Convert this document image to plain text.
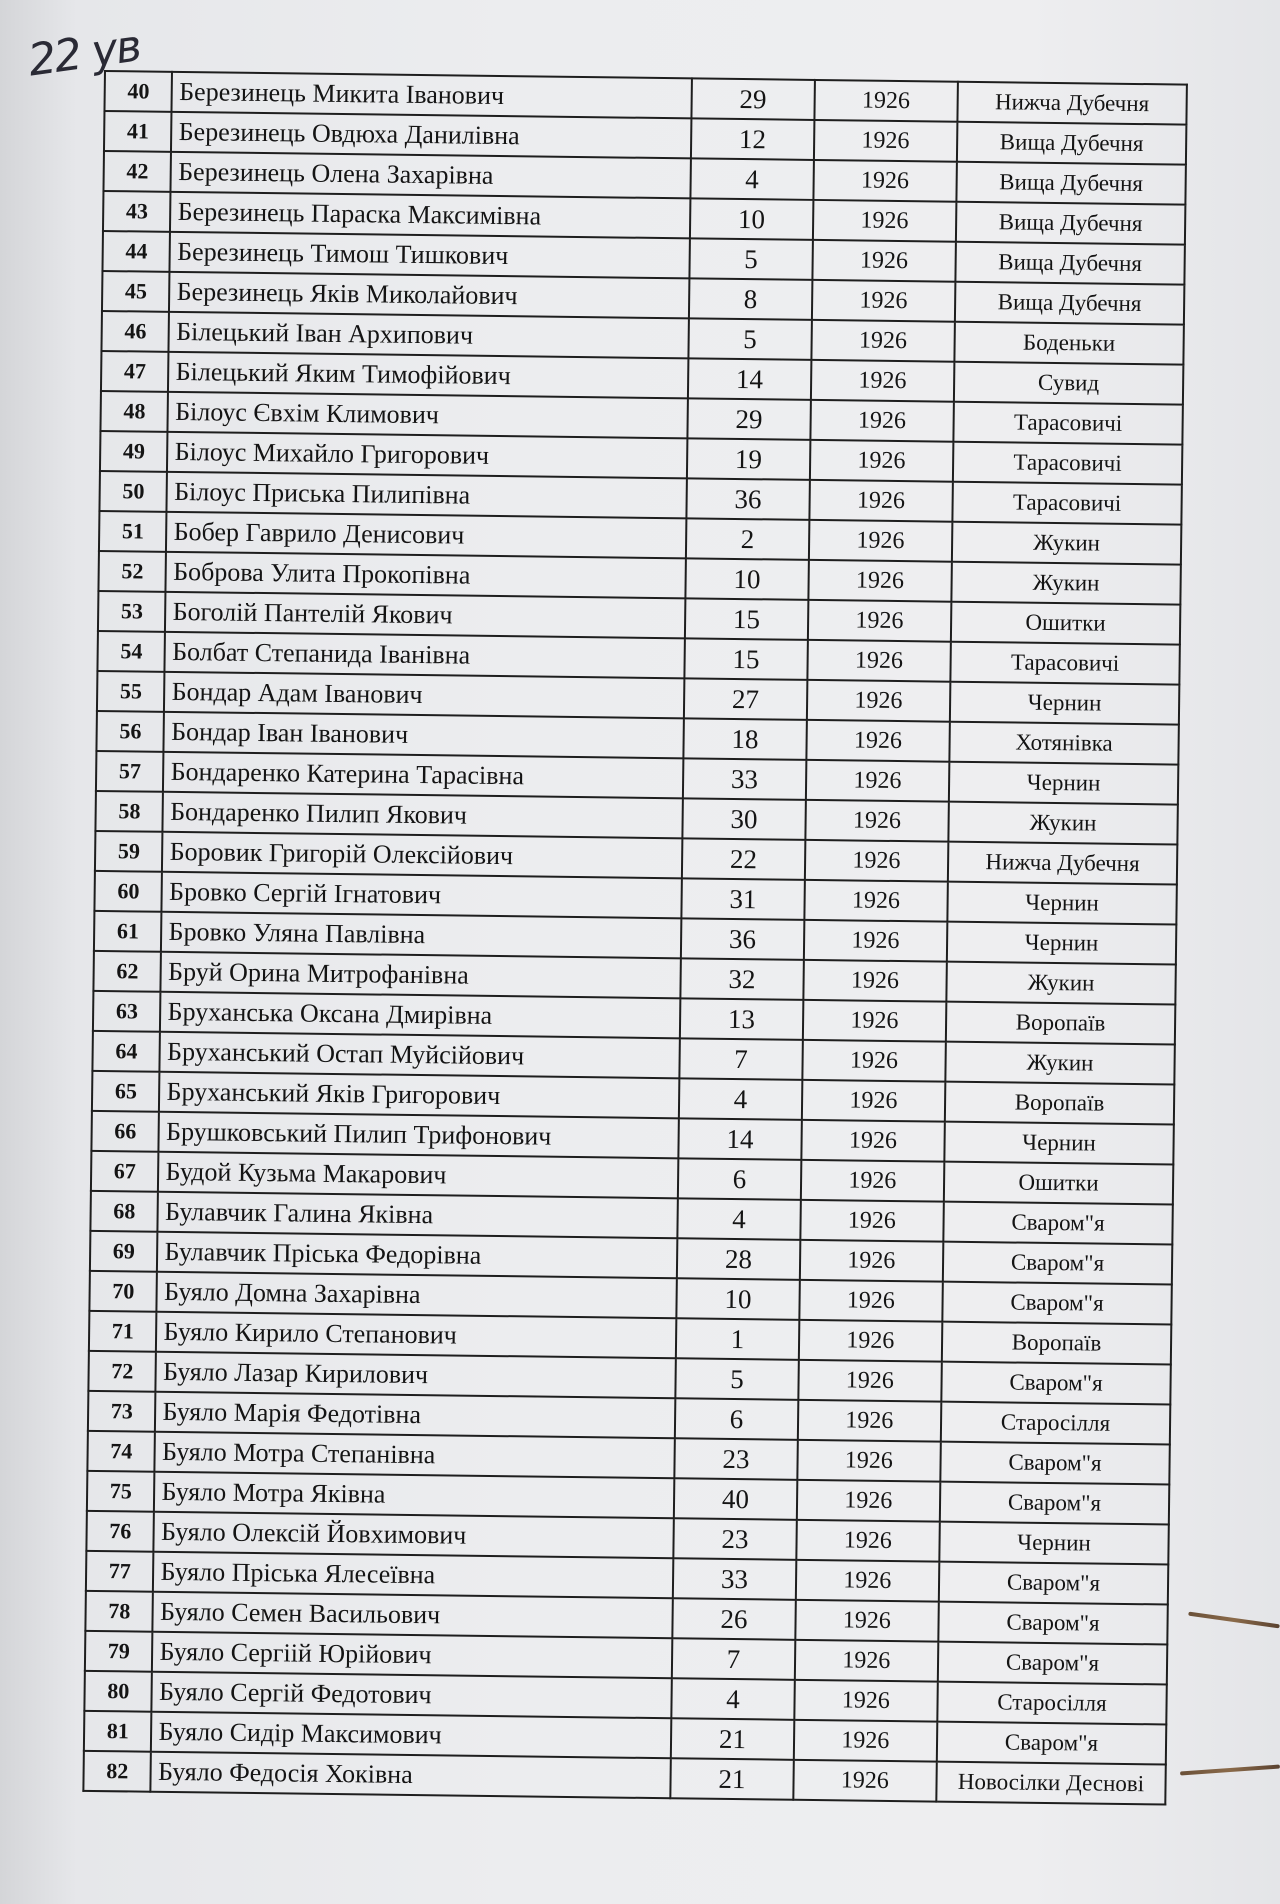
22 ув
40	Березинець Микита Іванович	29	1926	Нижча Дубечня
41	Березинець Овдюха Данилівна	12	1926	Вища Дубечня
42	Березинець Олена Захарівна	4	1926	Вища Дубечня
43	Березинець Параска Максимівна	10	1926	Вища Дубечня
44	Березинець Тимош Тишкович	5	1926	Вища Дубечня
45	Березинець Яків Миколайович	8	1926	Вища Дубечня
46	Білецький Іван Архипович	5	1926	Боденьки
47	Білецький Яким Тимофійович	14	1926	Сувид
48	Білоус Євхім Климович	29	1926	Тарасовичі
49	Білоус Михайло Григорович	19	1926	Тарасовичі
50	Білоус Приська Пилипівна	36	1926	Тарасовичі
51	Бобер Гаврило Денисович	2	1926	Жукин
52	Боброва Улита Прокопівна	10	1926	Жукин
53	Боголій Пантелій Якович	15	1926	Ошитки
54	Болбат Степанида Іванівна	15	1926	Тарасовичі
55	Бондар Адам Іванович	27	1926	Чернин
56	Бондар Іван Іванович	18	1926	Хотянівка
57	Бондаренко Катерина Тарасівна	33	1926	Чернин
58	Бондаренко Пилип Якович	30	1926	Жукин
59	Боровик Григорій Олексійович	22	1926	Нижча Дубечня
60	Бровко Сергій Ігнатович	31	1926	Чернин
61	Бровко Уляна Павлівна	36	1926	Чернин
62	Бруй Орина Митрофанівна	32	1926	Жукин
63	Бруханська Оксана Дмирівна	13	1926	Воропаїв
64	Бруханський Остап Муйсійович	7	1926	Жукин
65	Бруханський Яків Григорович	4	1926	Воропаїв
66	Брушковський Пилип Трифонович	14	1926	Чернин
67	Будой Кузьма Макарович	6	1926	Ошитки
68	Булавчик Галина Яківна	4	1926	Сваром"я
69	Булавчик Пріська Федорівна	28	1926	Сваром"я
70	Буяло Домна Захарівна	10	1926	Сваром"я
71	Буяло Кирило Степанович	1	1926	Воропаїв
72	Буяло Лазар Кирилович	5	1926	Сваром"я
73	Буяло Марія Федотівна	6	1926	Старосілля
74	Буяло Мотра Степанівна	23	1926	Сваром"я
75	Буяло Мотра Яківна	40	1926	Сваром"я
76	Буяло Олексій Йовхимович	23	1926	Чернин
77	Буяло Пріська Ялесеївна	33	1926	Сваром"я
78	Буяло Семен Васильович	26	1926	Сваром"я
79	Буяло Сергіій Юрійович	7	1926	Сваром"я
80	Буяло Сергій Федотович	4	1926	Старосілля
81	Буяло Сидір Максимович	21	1926	Сваром"я
82	Буяло Федосія Хоківна	21	1926	Новосілки Деснові
